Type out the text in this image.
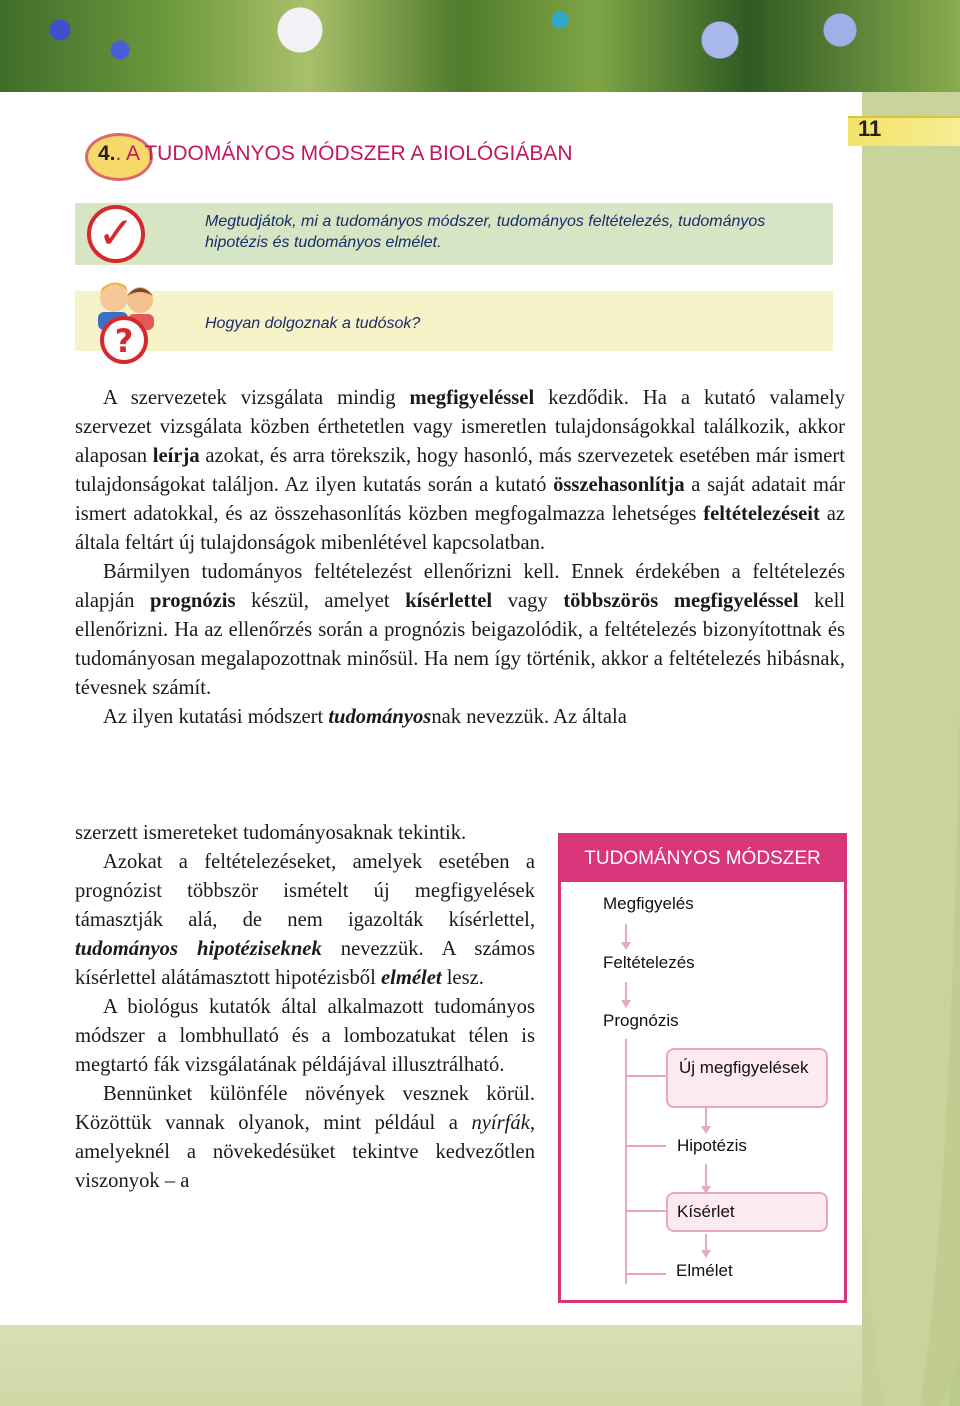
11
4.. A TUDOMÁNYOS MÓDSZER A BIOLÓGIÁBAN
✓	Megtudjátok, mi a tudományos módszer, tudományos feltételezés, tudományos hipotézis és tudományos elmélet.
?	Hogyan dolgoznak a tudósok?

A szervezetek vizsgálata mindig megfigyeléssel kezdődik. Ha a kutató valamely szervezet vizsgálata közben érthetetlen vagy ismeretlen tulajdonságokkal találkozik, akkor alaposan leírja azokat, és arra törekszik, hogy hasonló, más szervezetek esetében már ismert tulajdonságokat találjon. Az ilyen kutatás során a kutató összehasonlítja a saját adatait már ismert adatokkal, és az összehasonlítás közben megfogalmazza lehetséges feltételezéseit az általa feltárt új tulajdonságok mibenlétével kapcsolatban.

Bármilyen tudományos feltételezést ellenőrizni kell. Ennek érdekében a feltételezés alapján prognózis készül, amelyet kísérlettel vagy többszörös megfigyeléssel kell ellenőrizni. Ha az ellenőrzés során a prognózis beigazolódik, a feltételezés bizonyítottnak és tudományosan megalapozottnak minősül. Ha nem így történik, akkor a feltételezés hibásnak, tévesnek számít.

Az ilyen kutatási módszert tudományosnak nevezzük. Az általa

szerzett ismereteket tudományosaknak tekintik.

Azokat a feltételezéseket, amelyek esetében a prognózist többször ismételt új megfigyelések támasztják alá, de nem igazolták kísérlettel, tudományos hipotéziseknek nevezzük. A számos kísérlettel alátámasztott hipotézisből elmélet lesz.

A biológus kutatók által alkalmazott tudományos módszer a lombhullató és a lombozatukat télen is megtartó fák vizsgálatának példájával illusztrálható.

Bennünket különféle növények vesznek körül. Közöttük vannak olyanok, mint például a nyírfák, amelyeknél a növekedésüket tekintve kedvezőtlen viszonyok – a

TUDOMÁNYOS MÓDSZER
Megfigyelés
Feltételezés
Prognózis
Új megfigyelések
Hipotézis
Kísérlet
Elmélet
